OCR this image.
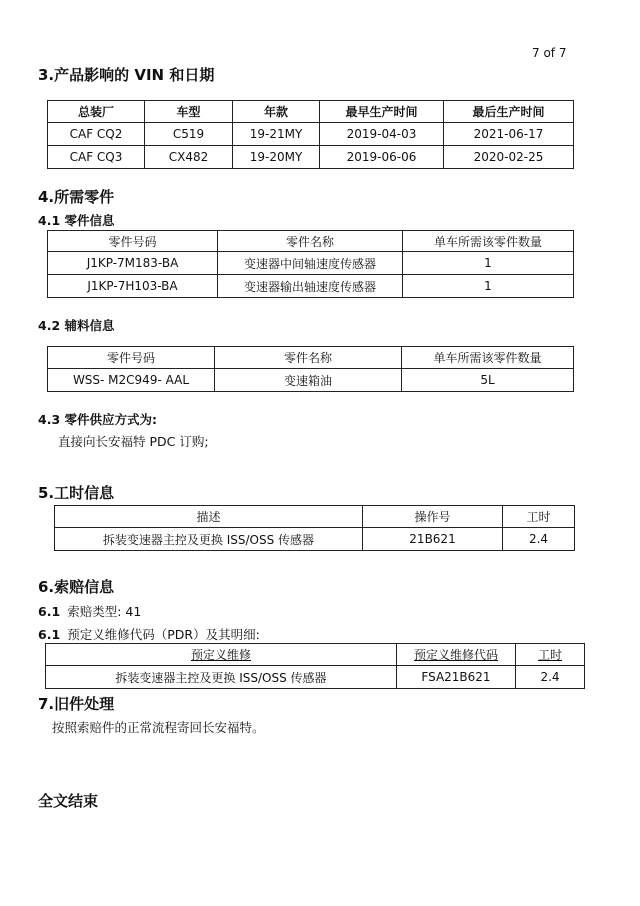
7 of 7
3.产品影响的 VIN 和日期
总装厂	车型	年款	最早生产时间	最后生产时间
CAF CQ2	C519	19-21MY	2019-04-03	2021-06-17
CAF CQ3	CX482	19-20MY	2019-06-06	2020-02-25
4.所需零件
4.1 零件信息
零件号码	零件名称	单车所需该零件数量
J1KP-7M183-BA	变速器中间轴速度传感器	1
J1KP-7H103-BA	变速器输出轴速度传感器	1
4.2 辅料信息
零件号码	零件名称	单车所需该零件数量
WSS- M2C949- AAL	变速箱油	5L
4.3 零件供应方式为:
直接向长安福特 PDC 订购;
5.工时信息
描述	操作号	工时
拆装变速器主控及更换 ISS/OSS 传感器	21B621	2.4
6.索赔信息
6.1 索赔类型: 41
6.1 预定义维修代码（PDR）及其明细:
预定义维修	预定义维修代码	工时
拆装变速器主控及更换 ISS/OSS 传感器	FSA21B621	2.4
7.旧件处理
按照索赔件的正常流程寄回长安福特。
全文结束
